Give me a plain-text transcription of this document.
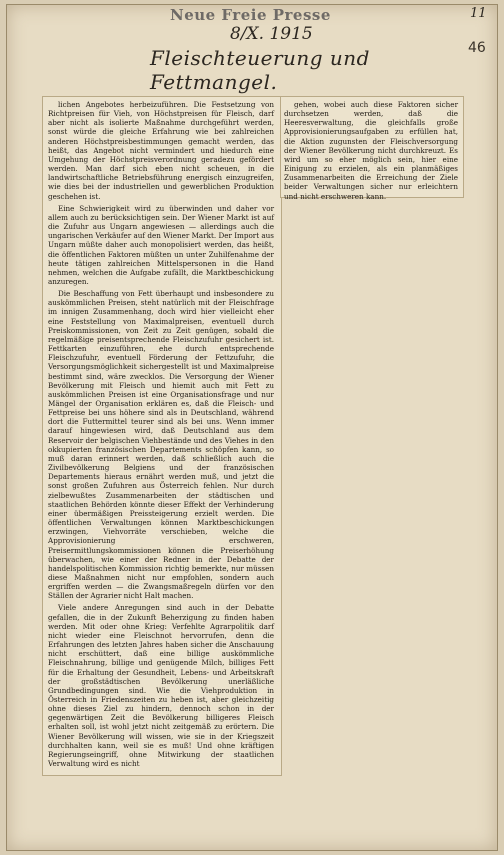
11
Neue Freie Presse
8/X. 1915
46
Fleischteuerung und Fettmangel.

lichen Angebotes herbeizuführen. Die Festsetzung von Richtpreisen für Vieh, von Höchstpreisen für Fleisch, darf aber nicht als isolierte Maßnahme durchgeführt werden, sonst würde die gleiche Erfahrung wie bei zahlreichen anderen Höchstpreisbestimmungen gemacht werden, das heißt, das Angebot nicht vermindert und hiedurch eine Umgehung der Höchstpreisverordnung geradezu gefördert werden. Man darf sich eben nicht scheuen, in die landwirtschaftliche Betriebsführung energisch einzugreifen, wie dies bei der industriellen und gewerblichen Produktion geschehen ist.

Eine Schwierigkeit wird zu überwinden und daher vor allem auch zu berücksichtigen sein. Der Wiener Markt ist auf die Zufuhr aus Ungarn angewiesen — allerdings auch die ungarischen Verkäufer auf den Wiener Markt. Der Import aus Ungarn müßte daher auch monopolisiert werden, das heißt, die öffentlichen Faktoren müßten un unter Zuhilfenahme der heute tätigen zahlreichen Mittelspersonen in die Hand nehmen, welchen die Aufgabe zufällt, die Marktbeschickung anzuregen.

Die Beschaffung von Fett überhaupt und insbesondere zu auskömmlichen Preisen, steht natürlich mit der Fleischfrage im innigen Zusammenhang, doch wird hier vielleicht eher eine Feststellung von Maximalpreisen, eventuell durch Preiskommissionen, von Zeit zu Zeit genügen, sobald die regelmäßige preisentsprechende Fleischzufuhr gesichert ist. Fettkarten einzuführen, ehe durch entsprechende Fleischzufuhr, eventuell Förderung der Fettzufuhr, die Versorgungsmöglichkeit sichergestellt ist und Maximalpreise bestimmt sind, wäre zwecklos. Die Versorgung der Wiener Bevölkerung mit Fleisch und hiemit auch mit Fett zu auskömmlichen Preisen ist eine Organisationsfrage und nur Mängel der Organisation erklären es, daß die Fleisch- und Fettpreise bei uns höhere sind als in Deutschland, während dort die Futtermittel teurer sind als bei uns. Wenn immer darauf hingewiesen wird, daß Deutschland aus dem Reservoir der belgischen Viehbestände und des Viehes in den okkupierten französischen Departements schöpfen kann, so muß daran erinnert werden, daß schließlich auch die Zivilbevölkerung Belgiens und der französischen Departements hieraus ernährt werden muß, und jetzt die sonst großen Zufuhren aus Österreich fehlen. Nur durch zielbewußtes Zusammenarbeiten der städtischen und staatlichen Behörden könnte dieser Effekt der Verhinderung einer übermäßigen Preissteigerung erzielt werden. Die öffentlichen Verwaltungen können Marktbeschickungen erzwingen, Viehvorräte verschieben, welche die Approvisionierung erschweren, Preisermittlungskommissionen können die Preiserhöhung überwachen, wie einer der Redner in der Debatte der handelspolitischen Kommission richtig bemerkte, nur müssen diese Maßnahmen nicht nur empfohlen, sondern auch ergriffen werden — die Zwangsmaßregeln dürfen vor den Ställen der Agrarier nicht Halt machen.

Viele andere Anregungen sind auch in der Debatte gefallen, die in der Zukunft Beherzigung zu finden haben werden. Mit oder ohne Krieg: Verfehlte Agrarpolitik darf nicht wieder eine Fleischnot hervorrufen, denn die Erfahrungen des letzten Jahres haben sicher die Anschauung nicht erschüttert, daß eine billige auskömmliche Fleischnahrung, billige und genügende Milch, billiges Fett für die Erhaltung der Gesundheit, Lebens- und Arbeitskraft der großstädtischen Bevölkerung unerläßliche Grundbedingungen sind. Wie die Viehproduktion in Österreich in Friedenszeiten zu heben ist, aber gleichzeitig ohne dieses Ziel zu hindern, dennoch schon in der gegenwärtigen Zeit die Bevölkerung billigeres Fleisch erhalten soll, ist wohl jetzt nicht zeitgemäß zu erörtern. Die Wiener Bevölkerung will wissen, wie sie in der Kriegszeit durchhalten kann, weil sie es muß! Und ohne kräftigen Regierungseingriff, ohne Mitwirkung der staatlichen Verwaltung wird es nicht

gehen, wobei auch diese Faktoren sicher durchsetzen werden, daß die Heeresverwaltung, die gleichfalls große Approvisionierungsaufgaben zu erfüllen hat, die Aktion zugunsten der Fleischversorgung der Wiener Bevölkerung nicht durchkreuzt. Es wird um so eher möglich sein, hier eine Einigung zu erzielen, als ein planmäßiges Zusammenarbeiten die Erreichung der Ziele beider Verwaltungen sicher nur erleichtern und nicht erschweren kann.
